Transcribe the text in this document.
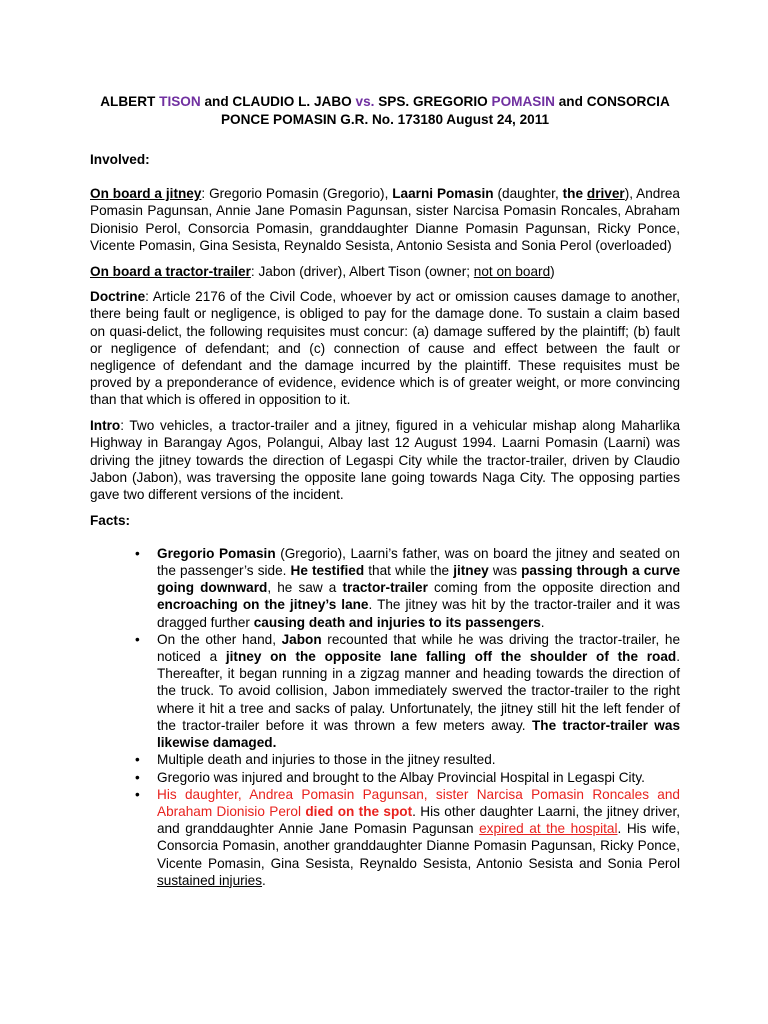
ALBERT TISON and CLAUDIO L. JABO vs. SPS. GREGORIO POMASIN and CONSORCIA
PONCE POMASIN G.R. No. 173180 August 24, 2011

Involved:

On board a jitney: Gregorio Pomasin (Gregorio), Laarni Pomasin (daughter, the driver), Andrea Pomasin Pagunsan, Annie Jane Pomasin Pagunsan, sister Narcisa Pomasin Roncales, Abraham Dionisio Perol, Consorcia Pomasin, granddaughter Dianne Pomasin Pagunsan, Ricky Ponce, Vicente Pomasin, Gina Sesista, Reynaldo Sesista, Antonio Sesista and Sonia Perol (overloaded)

On board a tractor-trailer: Jabon (driver), Albert Tison (owner; not on board)

Doctrine: Article 2176 of the Civil Code, whoever by act or omission causes damage to another, there being fault or negligence, is obliged to pay for the damage done. To sustain a claim based on quasi-delict, the following requisites must concur: (a) damage suffered by the plaintiff; (b) fault or negligence of defendant; and (c) connection of cause and effect between the fault or negligence of defendant and the damage incurred by the plaintiff. These requisites must be proved by a preponderance of evidence, evidence which is of greater weight, or more convincing than that which is offered in opposition to it.

Intro: Two vehicles, a tractor-trailer and a jitney, figured in a vehicular mishap along Maharlika Highway in Barangay Agos, Polangui, Albay last 12 August 1994. Laarni Pomasin (Laarni) was driving the jitney towards the direction of Legaspi City while the tractor-trailer, driven by Claudio Jabon (Jabon), was traversing the opposite lane going towards Naga City. The opposing parties gave two different versions of the incident.

Facts:

• Gregorio Pomasin (Gregorio), Laarni’s father, was on board the jitney and seated on the passenger’s side. He testified that while the jitney was passing through a curve going downward, he saw a tractor-trailer coming from the opposite direction and encroaching on the jitney’s lane. The jitney was hit by the tractor-trailer and it was dragged further causing death and injuries to its passengers.
• On the other hand, Jabon recounted that while he was driving the tractor-trailer, he noticed a jitney on the opposite lane falling off the shoulder of the road. Thereafter, it began running in a zigzag manner and heading towards the direction of the truck. To avoid collision, Jabon immediately swerved the tractor-trailer to the right where it hit a tree and sacks of palay. Unfortunately, the jitney still hit the left fender of the tractor-trailer before it was thrown a few meters away. The tractor-trailer was likewise damaged.
• Multiple death and injuries to those in the jitney resulted.
• Gregorio was injured and brought to the Albay Provincial Hospital in Legaspi City.
• His daughter, Andrea Pomasin Pagunsan, sister Narcisa Pomasin Roncales and Abraham Dionisio Perol died on the spot. His other daughter Laarni, the jitney driver, and granddaughter Annie Jane Pomasin Pagunsan expired at the hospital. His wife, Consorcia Pomasin, another granddaughter Dianne Pomasin Pagunsan, Ricky Ponce, Vicente Pomasin, Gina Sesista, Reynaldo Sesista, Antonio Sesista and Sonia Perol sustained injuries.
